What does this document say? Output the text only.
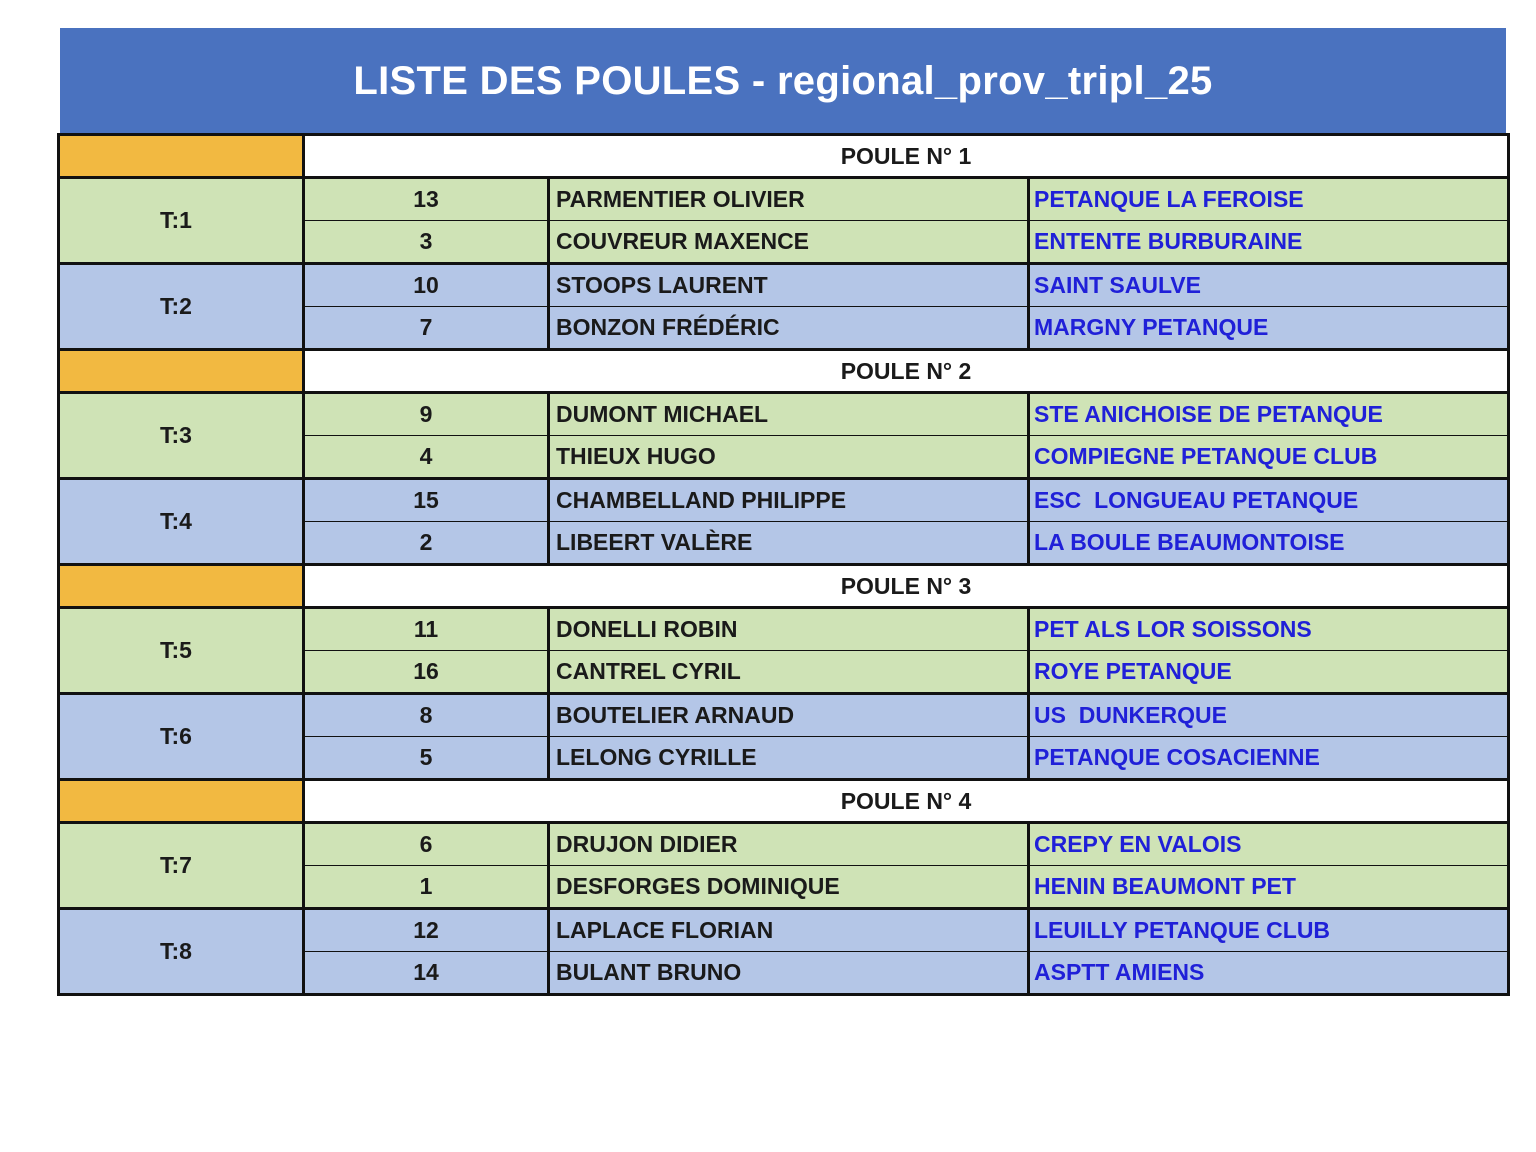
LISTE DES POULES - regional_prov_tripl_25
	POULE N° 1		
T:1	13	PARMENTIER OLIVIER	PETANQUE LA FEROISE
	3	COUVREUR MAXENCE	ENTENTE BURBURAINE
T:2	10	STOOPS LAURENT	SAINT SAULVE
	7	BONZON FRÉDÉRIC	MARGNY PETANQUE
	POULE N° 2		
T:3	9	DUMONT MICHAEL	STE ANICHOISE DE PETANQUE
	4	THIEUX HUGO	COMPIEGNE PETANQUE CLUB
T:4	15	CHAMBELLAND PHILIPPE	ESC  LONGUEAU PETANQUE
	2	LIBEERT VALÈRE	LA BOULE BEAUMONTOISE
	POULE N° 3		
T:5	11	DONELLI ROBIN	PET ALS LOR SOISSONS
	16	CANTREL CYRIL	ROYE PETANQUE
T:6	8	BOUTELIER ARNAUD	US  DUNKERQUE
	5	LELONG CYRILLE	PETANQUE COSACIENNE
	POULE N° 4		
T:7	6	DRUJON DIDIER	CREPY EN VALOIS
	1	DESFORGES DOMINIQUE	HENIN BEAUMONT PET
T:8	12	LAPLACE FLORIAN	LEUILLY PETANQUE CLUB
	14	BULANT BRUNO	ASPTT AMIENS
